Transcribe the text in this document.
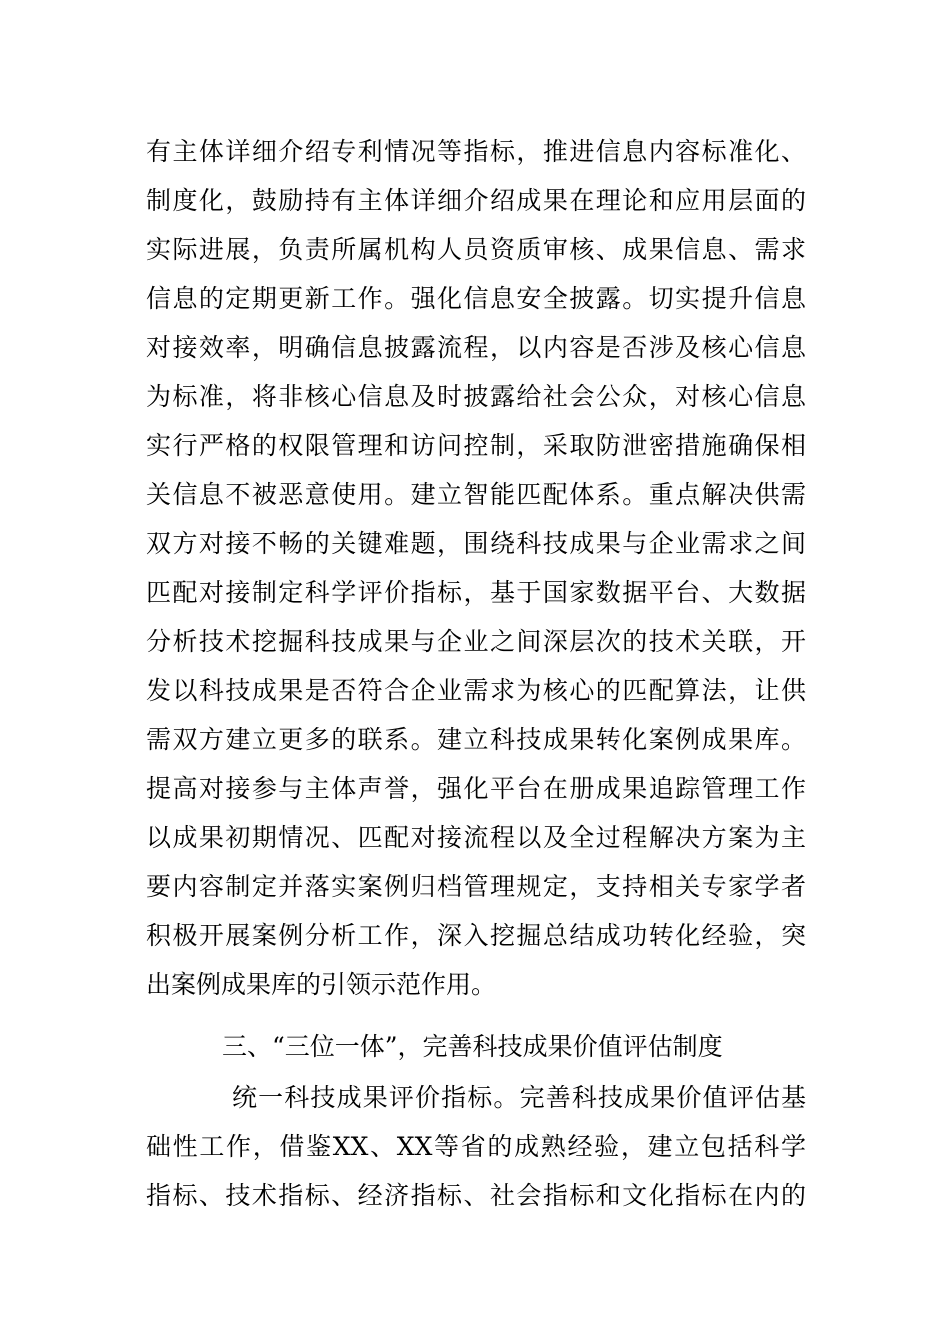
有主体详细介绍专利情况等指标，推进信息内容标准化、
制度化，鼓励持有主体详细介绍成果在理论和应用层面的
实际进展，负责所属机构人员资质审核、成果信息、需求
信息的定期更新工作。强化信息安全披露。切实提升信息
对接效率，明确信息披露流程，以内容是否涉及核心信息
为标准，将非核心信息及时披露给社会公众，对核心信息
实行严格的权限管理和访问控制，采取防泄密措施确保相
关信息不被恶意使用。建立智能匹配体系。重点解决供需
双方对接不畅的关键难题，围绕科技成果与企业需求之间
匹配对接制定科学评价指标，基于国家数据平台、大数据
分析技术挖掘科技成果与企业之间深层次的技术关联，开
发以科技成果是否符合企业需求为核心的匹配算法，让供
需双方建立更多的联系。建立科技成果转化案例成果库。
提高对接参与主体声誉，强化平台在册成果追踪管理工作
以成果初期情况、匹配对接流程以及全过程解决方案为主
要内容制定并落实案例归档管理规定，支持相关专家学者
积极开展案例分析工作，深入挖掘总结成功转化经验，突
出案例成果库的引领示范作用。
三、“三位一体”，完善科技成果价值评估制度
统一科技成果评价指标。完善科技成果价值评估基
础性工作，借鉴XX、XX等省的成熟经验，建立包括科学
指标、技术指标、经济指标、社会指标和文化指标在内的
